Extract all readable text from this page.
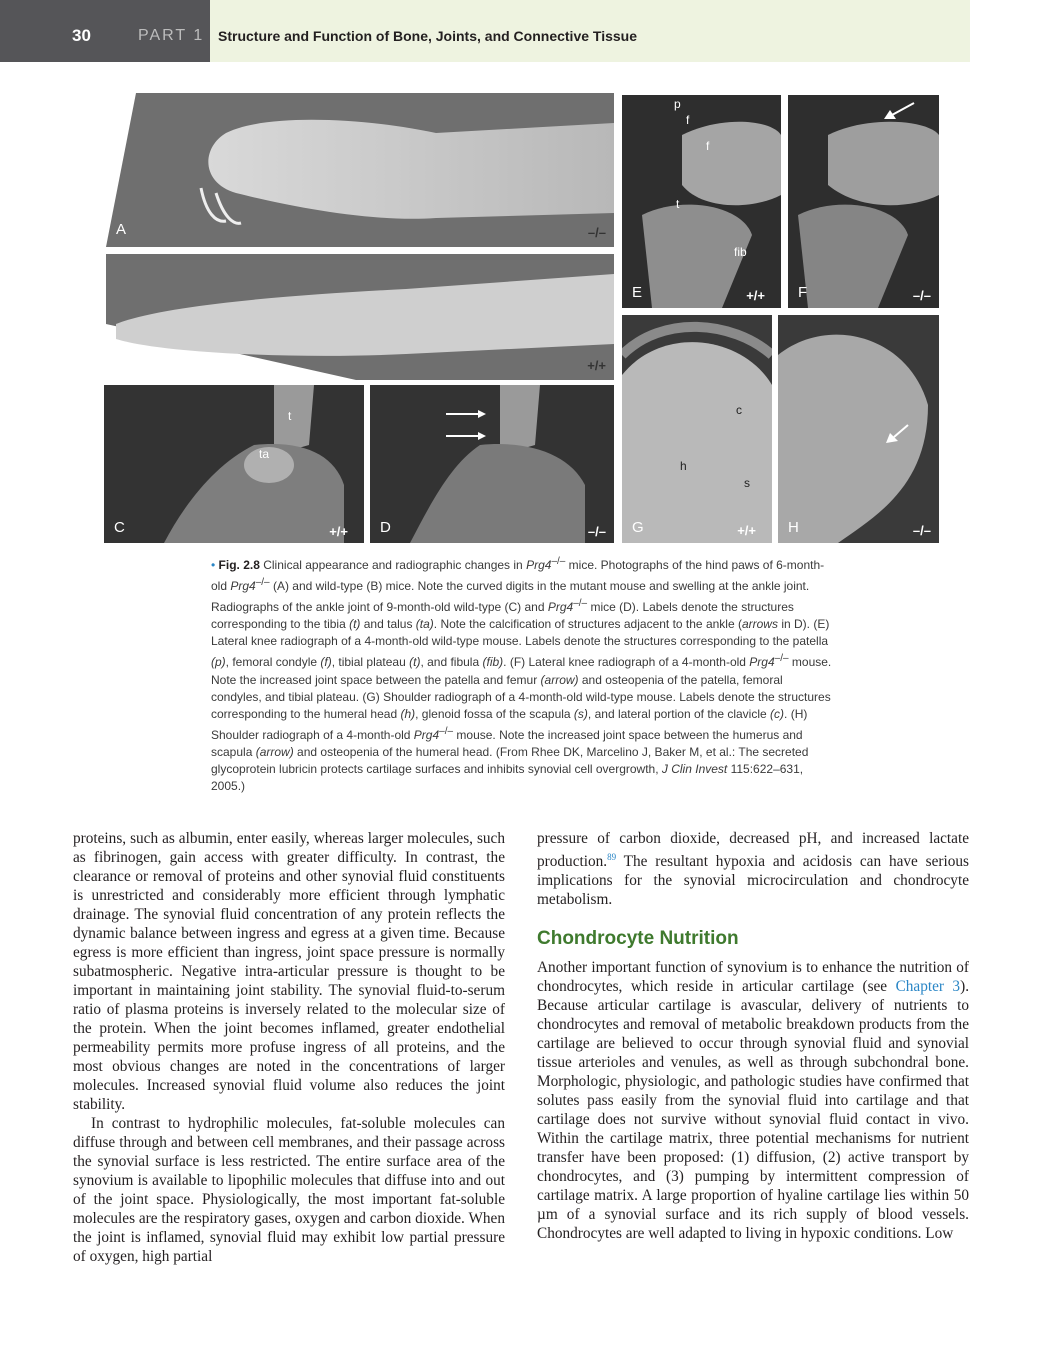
30	PART 1 Structure and Function of Bone, Joints, and Connective Tissue
A	–/–
B	+/+
t
ta
C	+/+ D	–/–
p
f
f
t
fib
E	+/+ F	–/–
c
h
s
G	+/+ H	–/–
• Fig. 2.8 Clinical appearance and radiographic changes in Prg4–/– mice. Photographs of the hind paws of 6-month-old Prg4–/– (A) and wild-type (B) mice. Note the curved digits in the mutant mouse and swelling at the ankle joint. Radiographs of the ankle joint of 9-month-old wild-type (C) and Prg4–/– mice (D). Labels denote the structures corresponding to the tibia (t) and talus (ta). Note the calcification of structures adjacent to the ankle (arrows in D). (E) Lateral knee radiograph of a 4-month-old wild-type mouse. Labels denote the structures corresponding to the patella (p), femoral condyle (f), tibial plateau (t), and fibula (fib). (F) Lateral knee radiograph of a 4-month-old Prg4–/– mouse. Note the increased joint space between the patella and femur (arrow) and osteopenia of the patella, femoral condyles, and tibial plateau. (G) Shoulder radiograph of a 4-month-old wild-type mouse. Labels denote the structures corresponding to the humeral head (h), glenoid fossa of the scapula (s), and lateral portion of the clavicle (c). (H) Shoulder radiograph of a 4-month-old Prg4–/– mouse. Note the increased joint space between the humerus and scapula (arrow) and osteopenia of the humeral head. (From Rhee DK, Marcelino J, Baker M, et al.: The secreted glycoprotein lubricin protects cartilage surfaces and inhibits synovial cell overgrowth, J Clin Invest 115:622–631, 2005.)

proteins, such as albumin, enter easily, whereas larger molecules, such as fibrinogen, gain access with greater difficulty. In contrast, the clearance or removal of proteins and other synovial fluid constituents is unrestricted and considerably more efficient through lymphatic drainage. The synovial fluid concentration of any protein reflects the dynamic balance between ingress and egress at a given time. Because egress is more efficient than ingress, joint space pressure is normally subatmospheric. Negative intra-articular pressure is thought to be important in maintaining joint stability. The synovial fluid-to-serum ratio of plasma proteins is inversely related to the molecular size of the protein. When the joint becomes inflamed, greater endothelial permeability permits more profuse ingress of all proteins, and the most obvious changes are noted in the concentrations of larger molecules. Increased synovial fluid volume also reduces the joint stability.

In contrast to hydrophilic molecules, fat-soluble molecules can diffuse through and between cell membranes, and their passage across the synovial surface is less restricted. The entire surface area of the synovium is available to lipophilic molecules that diffuse into and out of the joint space. Physiologically, the most important fat-soluble molecules are the respiratory gases, oxygen and carbon dioxide. When the joint is inflamed, synovial fluid may exhibit low partial pressure of oxygen, high partial

pressure of carbon dioxide, decreased pH, and increased lactate production.$^{89}$ The resultant hypoxia and acidosis can have serious implications for the synovial microcirculation and chondrocyte metabolism.

Chondrocyte Nutrition

Another important function of synovium is to enhance the nutrition of chondrocytes, which reside in articular cartilage (see Chapter 3). Because articular cartilage is avascular, delivery of nutrients to chondrocytes and removal of metabolic breakdown products from the cartilage are believed to occur through synovial fluid and synovial tissue arterioles and venules, as well as through subchondral bone. Morphologic, physiologic, and pathologic studies have confirmed that solutes pass easily from the synovial fluid into cartilage and that cartilage does not survive without synovial fluid contact in vivo. Within the cartilage matrix, three potential mechanisms for nutrient transfer have been proposed: (1) diffusion, (2) active transport by chondrocytes, and (3) pumping by intermittent compression of cartilage matrix. A large proportion of hyaline cartilage lies within 50 µm of a synovial surface and its rich supply of blood vessels. Chondrocytes are well adapted to living in hypoxic conditions. Low
